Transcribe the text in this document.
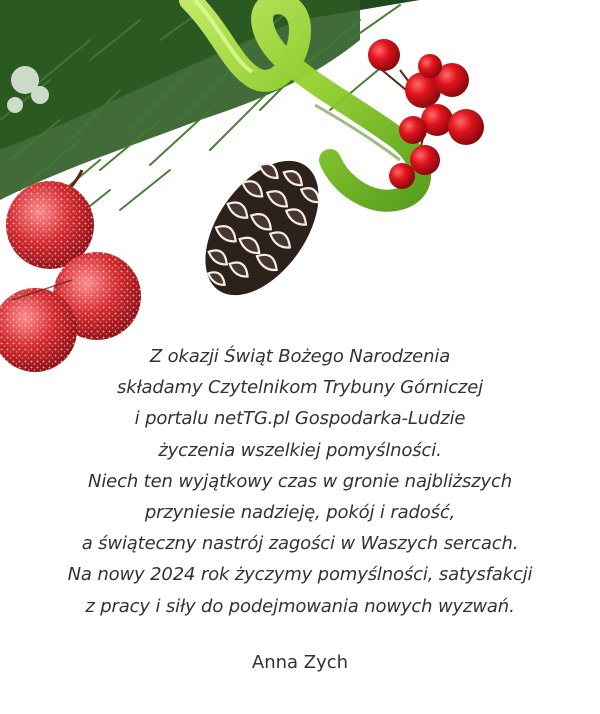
Z okazji Świąt Bożego Narodzenia
składamy Czytelnikom Trybuny Górniczej
i portalu netTG.pl Gospodarka-Ludzie
życzenia wszelkiej pomyślności.
Niech ten wyjątkowy czas w gronie najbliższych
przyniesie nadzieję, pokój i radość,
a świąteczny nastrój zagości w Waszych sercach.
Na nowy 2024 rok życzymy pomyślności, satysfakcji
z pracy i siły do podejmowania nowych wyzwań.
Anna Zych
